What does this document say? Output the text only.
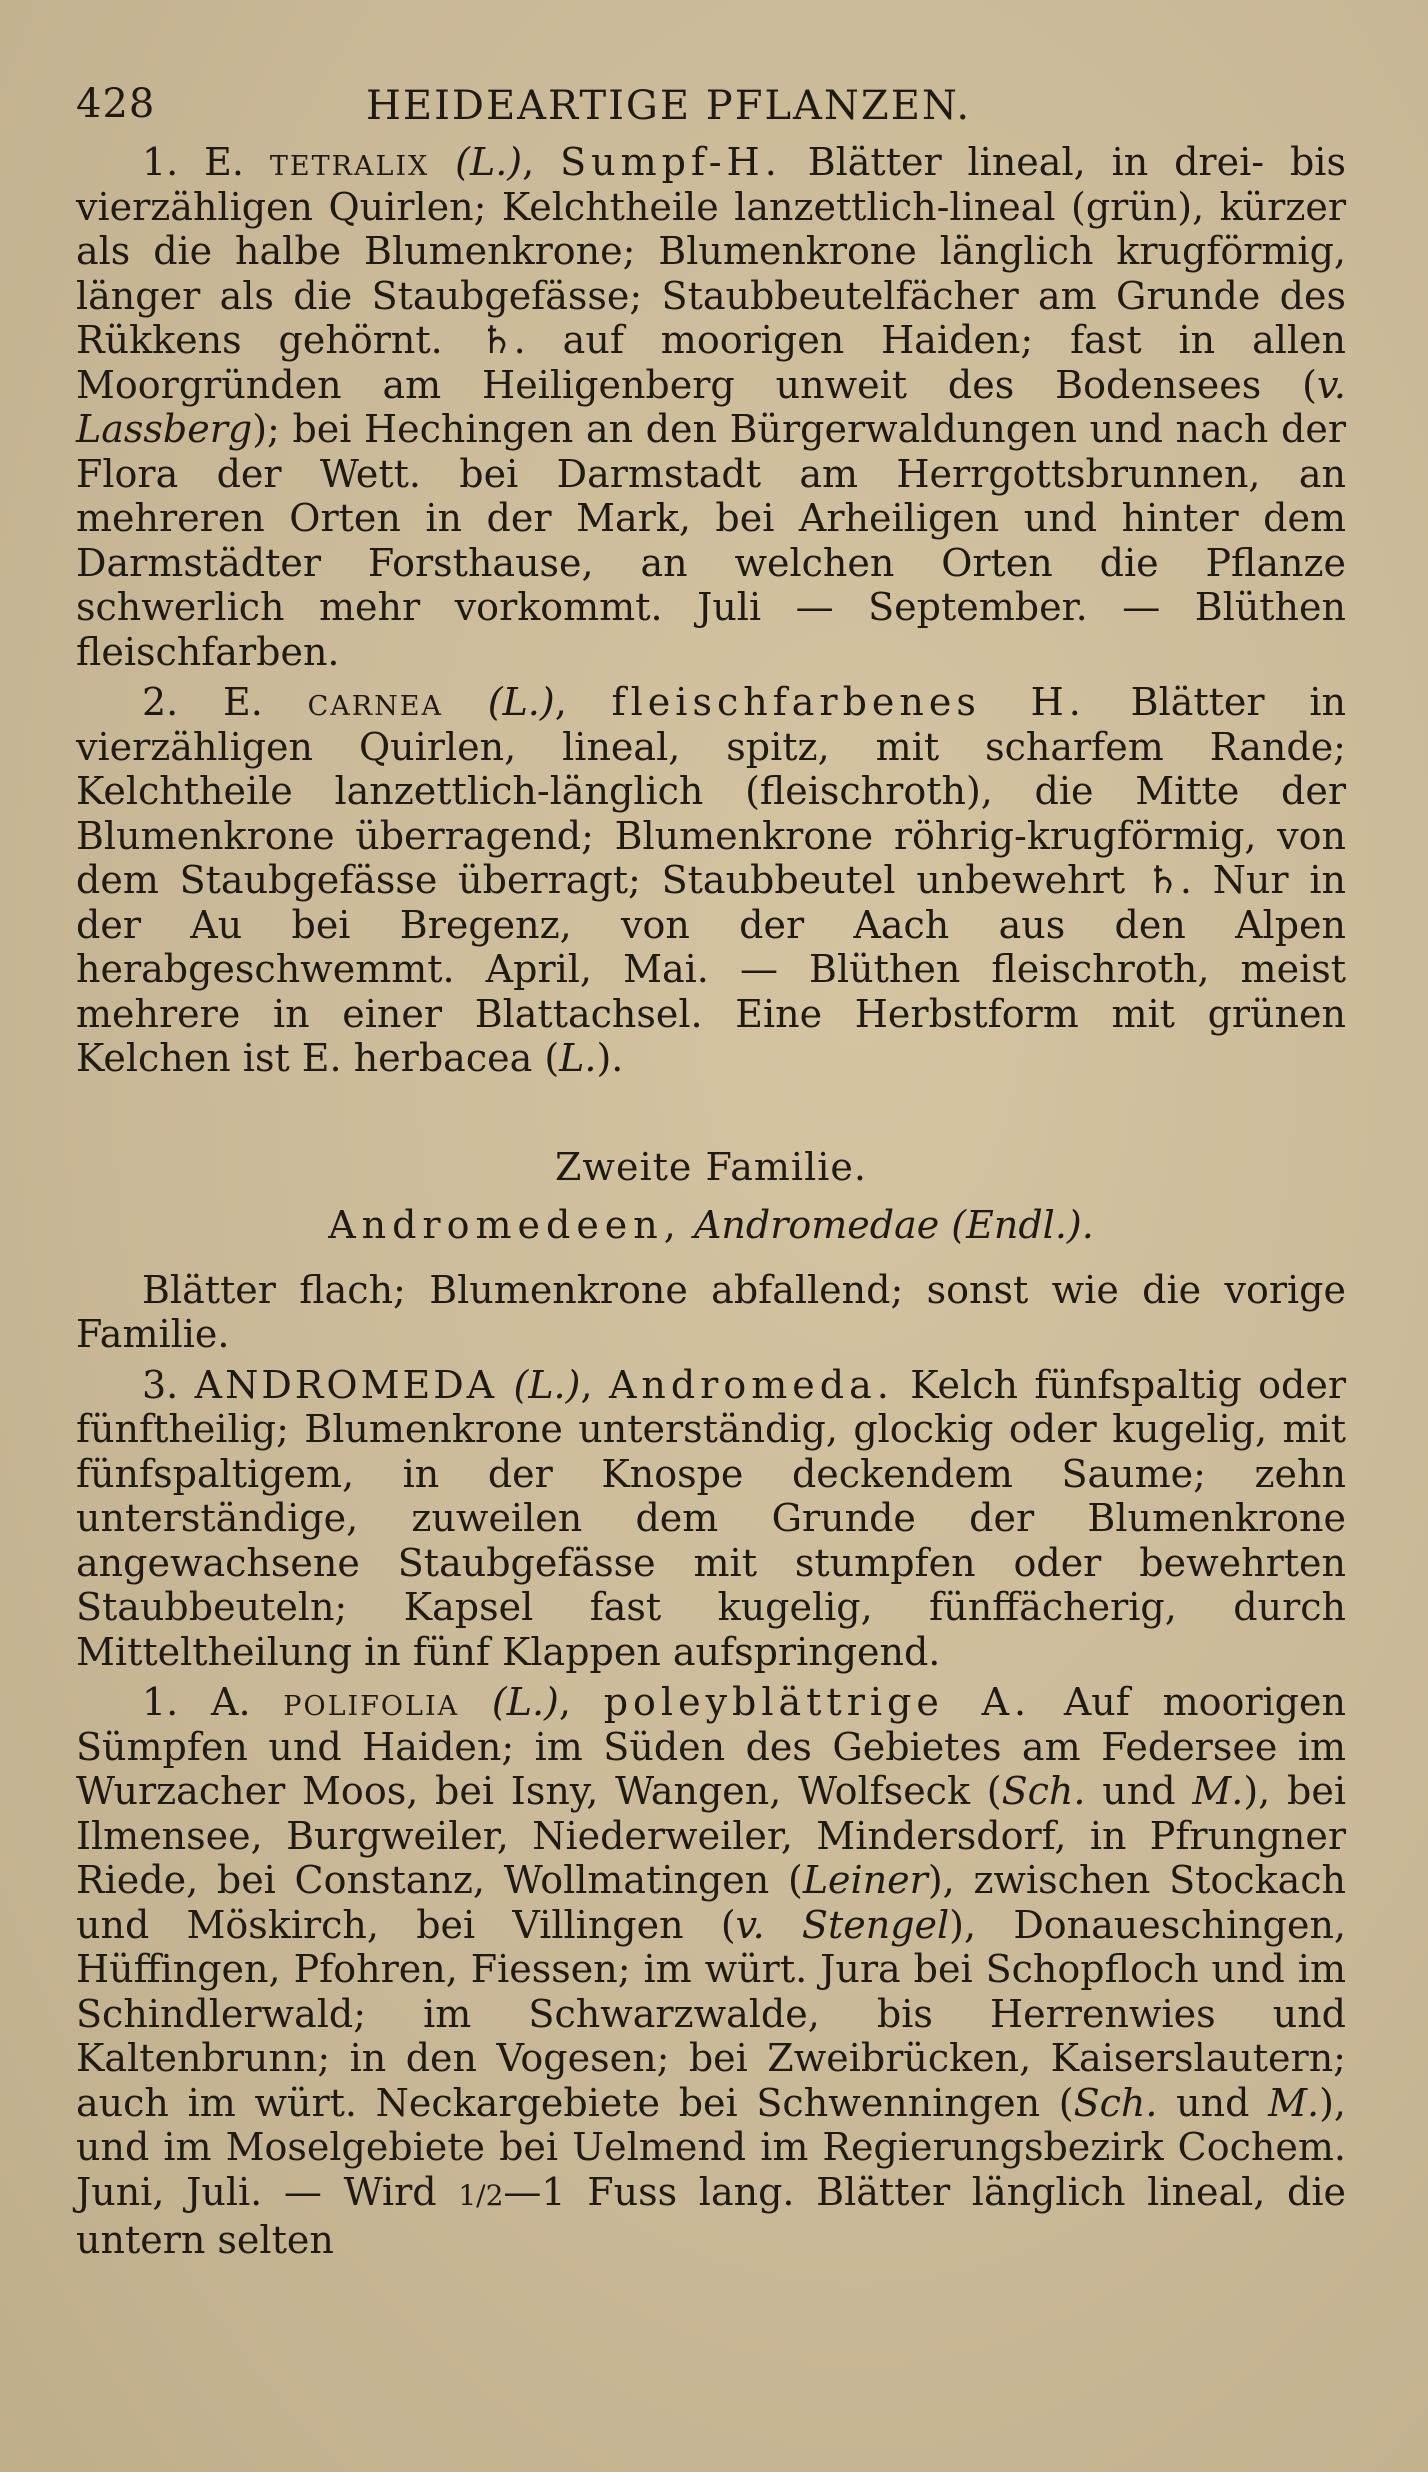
428	HEIDEARTIGE PFLANZEN.

1. E. tetralix (L.), Sumpf-H. Blätter lineal, in drei- bis vierzähligen Quirlen; Kelchtheile lanzettlich-lineal (grün), kürzer als die halbe Blumenkrone; Blumenkrone länglich krugförmig, länger als die Staubgefässe; Staubbeutelfächer am Grunde des Rükkens gehörnt. ♄. auf moorigen Haiden; fast in allen Moorgründen am Heiligenberg unweit des Bodensees (v. Lassberg); bei Hechingen an den Bürgerwaldungen und nach der Flora der Wett. bei Darmstadt am Herrgottsbrunnen, an mehreren Orten in der Mark, bei Arheiligen und hinter dem Darmstädter Forsthause, an welchen Orten die Pflanze schwerlich mehr vorkommt. Juli — September. — Blüthen fleischfarben.

2. E. carnea (L.), fleischfarbenes H. Blätter in vierzähligen Quirlen, lineal, spitz, mit scharfem Rande; Kelchtheile lanzettlich-länglich (fleischroth), die Mitte der Blumenkrone überragend; Blumenkrone röhrig-krugförmig, von dem Staubgefässe überragt; Staubbeutel unbewehrt ♄. Nur in der Au bei Bregenz, von der Aach aus den Alpen herabgeschwemmt. April, Mai. — Blüthen fleischroth, meist mehrere in einer Blattachsel. Eine Herbstform mit grünen Kelchen ist E. herbacea (L.).

Zweite Familie.
Andromedeen, Andromedae (Endl.).

Blätter flach; Blumenkrone abfallend; sonst wie die vorige Familie.

3. ANDROMEDA (L.), Andromeda. Kelch fünfspaltig oder fünftheilig; Blumenkrone unterständig, glockig oder kugelig, mit fünfspaltigem, in der Knospe deckendem Saume; zehn unterständige, zuweilen dem Grunde der Blumenkrone angewachsene Staubgefässe mit stumpfen oder bewehrten Staubbeuteln; Kapsel fast kugelig, fünffächerig, durch Mitteltheilung in fünf Klappen aufspringend.

1. A. polifolia (L.), poleyblättrige A. Auf moorigen Sümpfen und Haiden; im Süden des Gebietes am Federsee im Wurzacher Moos, bei Isny, Wangen, Wolfseck (Sch. und M.), bei Ilmensee, Burgweiler, Niederweiler, Mindersdorf, in Pfrungner Riede, bei Constanz, Wollmatingen (Leiner), zwischen Stockach und Möskirch, bei Villingen (v. Stengel), Donaueschingen, Hüffingen, Pfohren, Fiessen; im würt. Jura bei Schopfloch und im Schindlerwald; im Schwarzwalde, bis Herrenwies und Kaltenbrunn; in den Vogesen; bei Zweibrücken, Kaiserslautern; auch im würt. Neckargebiete bei Schwenningen (Sch. und M.), und im Moselgebiete bei Uelmend im Regierungsbezirk Cochem. Juni, Juli. — Wird 1/2—1 Fuss lang. Blätter länglich lineal, die untern selten
